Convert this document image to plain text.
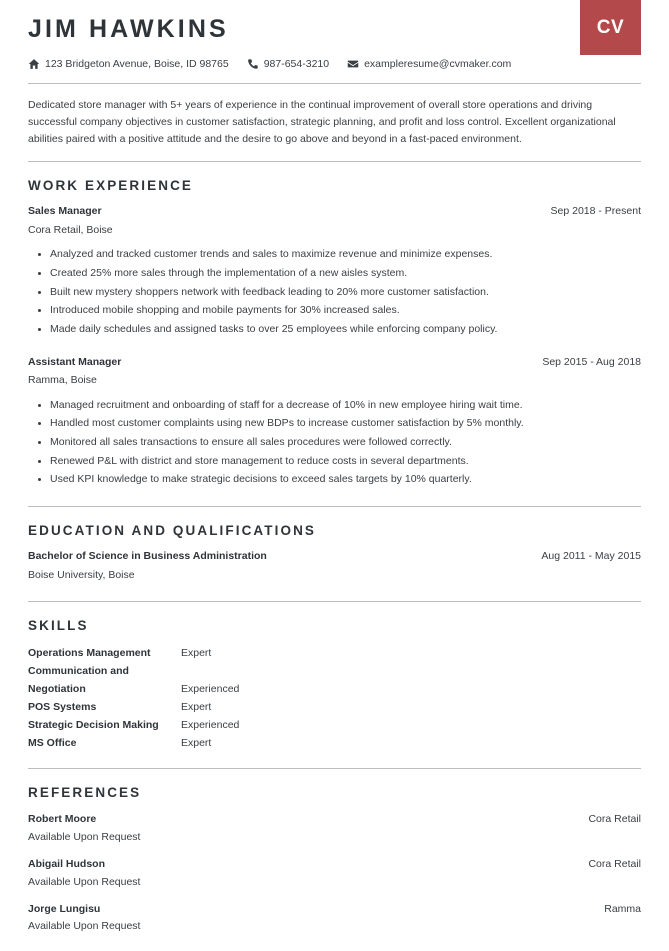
JIM HAWKINS	CV
123 Bridgeton Avenue, Boise, ID 98765	987-654-3210	exampleresume@cvmaker.com

Dedicated store manager with 5+ years of experience in the continual improvement of overall store operations and driving successful company objectives in customer satisfaction, strategic planning, and profit and loss control. Excellent organizational abilities paired with a positive attitude and the desire to go above and beyond in a fast-paced environment.

WORK EXPERIENCE
Sales Manager	Sep 2018 - Present
Cora Retail, Boise
Analyzed and tracked customer trends and sales to maximize revenue and minimize expenses.
Created 25% more sales through the implementation of a new aisles system.
Built new mystery shoppers network with feedback leading to 20% more customer satisfaction.
Introduced mobile shopping and mobile payments for 30% increased sales.
Made daily schedules and assigned tasks to over 25 employees while enforcing company policy.
Assistant Manager	Sep 2015 - Aug 2018
Ramma, Boise
Managed recruitment and onboarding of staff for a decrease of 10% in new employee hiring wait time.
Handled most customer complaints using new BDPs to increase customer satisfaction by 5% monthly.
Monitored all sales transactions to ensure all sales procedures were followed correctly.
Renewed P&L with district and store management to reduce costs in several departments.
Used KPI knowledge to make strategic decisions to exceed sales targets by 10% quarterly.
EDUCATION AND QUALIFICATIONS
Bachelor of Science in Business Administration	Aug 2011 - May 2015
Boise University, Boise
SKILLS
Operations Management	Expert
Communication and Negotiation	Experienced
POS Systems	Expert
Strategic Decision Making	Experienced
MS Office	Expert
REFERENCES
Robert Moore	Cora Retail
Available Upon Request
Abigail Hudson	Cora Retail
Available Upon Request
Jorge Lungisu	Ramma
Available Upon Request
